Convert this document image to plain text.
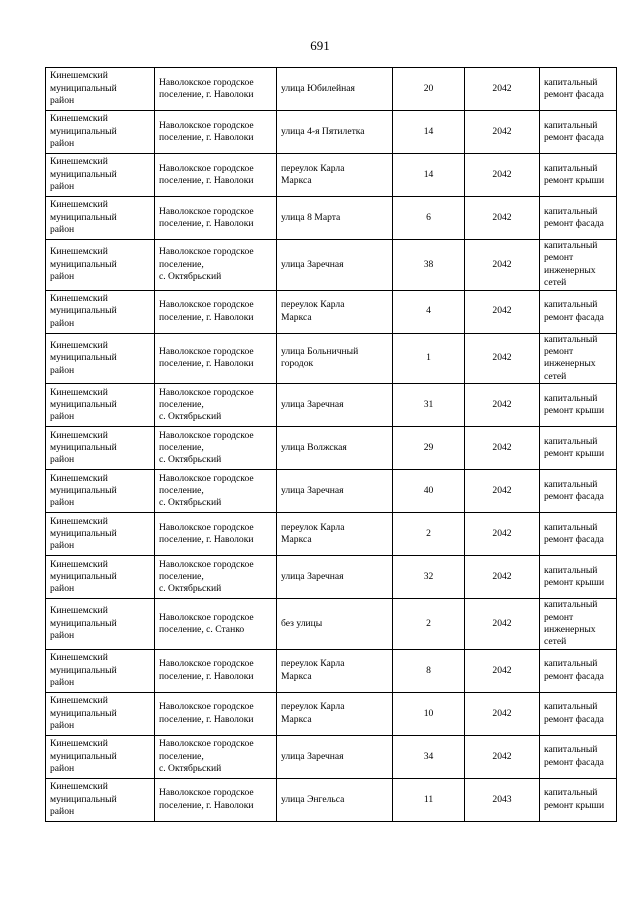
691
Кинешемский
муниципальный
район	Наволокское городское
поселение, г. Наволоки	улица Юбилейная	20	2042	капитальный
ремонт фасада
Кинешемский
муниципальный
район	Наволокское городское
поселение, г. Наволоки	улица 4-я Пятилетка	14	2042	капитальный
ремонт фасада
Кинешемский
муниципальный
район	Наволокское городское
поселение, г. Наволоки	переулок Карла
Маркса	14	2042	капитальный
ремонт крыши
Кинешемский
муниципальный
район	Наволокское городское
поселение, г. Наволоки	улица 8 Марта	6	2042	капитальный
ремонт фасада
Кинешемский
муниципальный
район	Наволокское городское
поселение,
с. Октябрьский	улица Заречная	38	2042	капитальный
ремонт
инженерных
сетей
Кинешемский
муниципальный
район	Наволокское городское
поселение, г. Наволоки	переулок Карла
Маркса	4	2042	капитальный
ремонт фасада
Кинешемский
муниципальный
район	Наволокское городское
поселение, г. Наволоки	улица Больничный
городок	1	2042	капитальный
ремонт
инженерных
сетей
Кинешемский
муниципальный
район	Наволокское городское
поселение,
с. Октябрьский	улица Заречная	31	2042	капитальный
ремонт крыши
Кинешемский
муниципальный
район	Наволокское городское
поселение,
с. Октябрьский	улица Волжская	29	2042	капитальный
ремонт крыши
Кинешемский
муниципальный
район	Наволокское городское
поселение,
с. Октябрьский	улица Заречная	40	2042	капитальный
ремонт фасада
Кинешемский
муниципальный
район	Наволокское городское
поселение, г. Наволоки	переулок Карла
Маркса	2	2042	капитальный
ремонт фасада
Кинешемский
муниципальный
район	Наволокское городское
поселение,
с. Октябрьский	улица Заречная	32	2042	капитальный
ремонт крыши
Кинешемский
муниципальный
район	Наволокское городское
поселение, с. Станко	без улицы	2	2042	капитальный
ремонт
инженерных
сетей
Кинешемский
муниципальный
район	Наволокское городское
поселение, г. Наволоки	переулок Карла
Маркса	8	2042	капитальный
ремонт фасада
Кинешемский
муниципальный
район	Наволокское городское
поселение, г. Наволоки	переулок Карла
Маркса	10	2042	капитальный
ремонт фасада
Кинешемский
муниципальный
район	Наволокское городское
поселение,
с. Октябрьский	улица Заречная	34	2042	капитальный
ремонт фасада
Кинешемский
муниципальный
район	Наволокское городское
поселение, г. Наволоки	улица Энгельса	11	2043	капитальный
ремонт крыши
